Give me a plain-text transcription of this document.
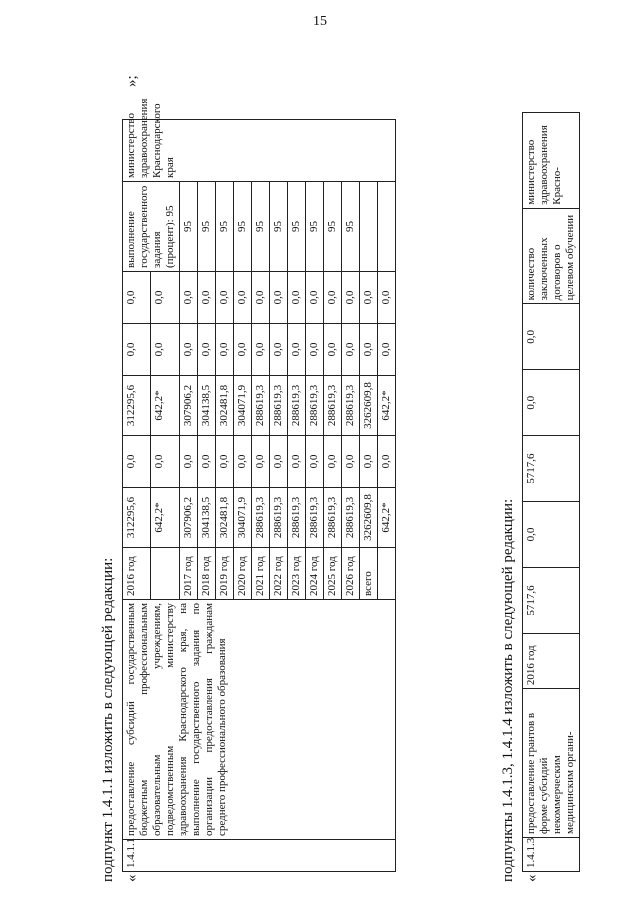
15
подпункт 1.4.1.1 изложить в следующей редакции: «
1.4.1.1	предоставление субсидий государственным бюджетным профессиональным образовательным учреждениям, подведомственным министерству здравоохранения Краснодарского края, на выполнение государственного задания по организации предоставления гражданам среднего профессионального образования	2016 год	312295,6	0,0	312295,6	0,0	0,0	выполнение государственного задания (процент): 95	министерство здравоохранения Краснодарского края
			642,2*	0,0	642,2*	0,0	0,0		
		2017 год	307906,2	0,0	307906,2	0,0	0,0	95	
		2018 год	304138,5	0,0	304138,5	0,0	0,0	95	
		2019 год	302481,8	0,0	302481,8	0,0	0,0	95	
		2020 год	304071,9	0,0	304071,9	0,0	0,0	95	
		2021 год	288619,3	0,0	288619,3	0,0	0,0	95	
		2022 год	288619,3	0,0	288619,3	0,0	0,0	95	
		2023 год	288619,3	0,0	288619,3	0,0	0,0	95	
		2024 год	288619,3	0,0	288619,3	0,0	0,0	95	
		2025 год	288619,3	0,0	288619,3	0,0	0,0	95	
		2026 год	288619,3	0,0	288619,3	0,0	0,0	95	
		всего	3262609,8	0,0	3262609,8	0,0	0,0		
			642,2*	0,0	642,2*	0,0	0,0		
»;
подпункты 1.4.1.3, 1.4.1.4 изложить в следующей редакции: «
1.4.1.3	предоставление грантов в форме субсидий некоммерческим медицинским органи-	2016 год	5717,6	0,0	5717,6	0,0	0,0	количество заключенных договоров о целевом обучении	министерство здравоохранения Красно-
